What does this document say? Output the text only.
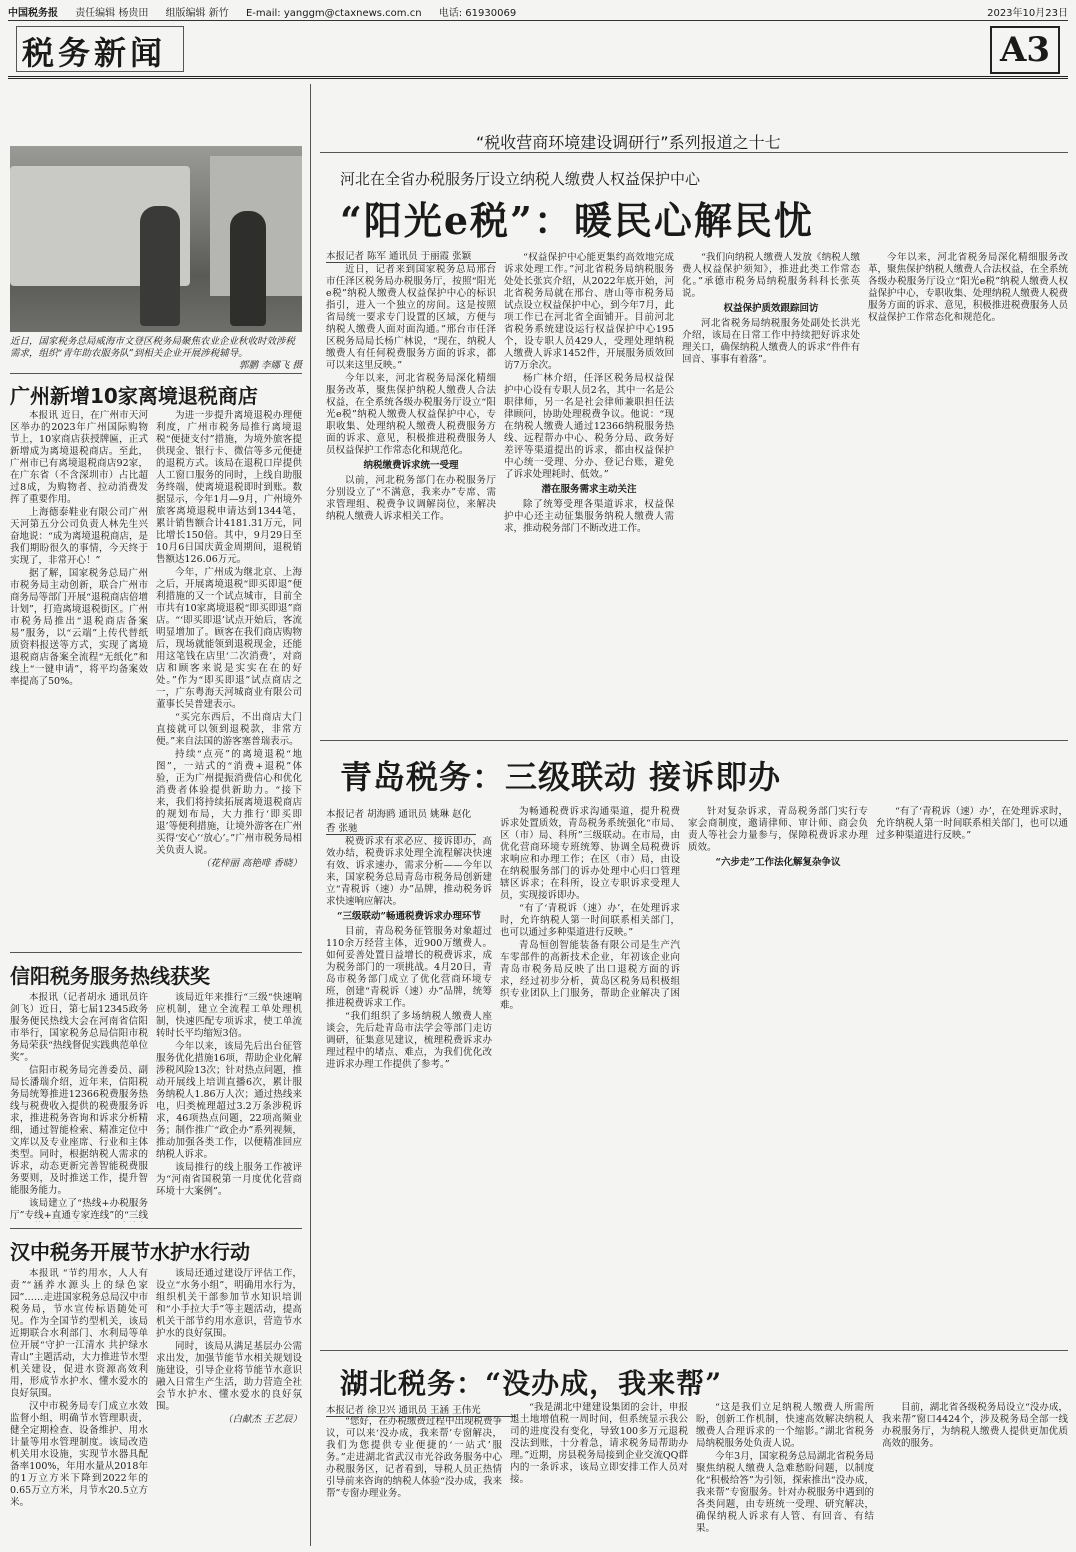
中国税务报 责任编辑 杨贵田 组版编辑 新竹 E-mail: yanggm@ctaxnews.com.cn 电话: 61930069	2023年10月23日
税务新闻	A3
近日，国家税务总局威海市文登区税务局聚焦农业企业秋收时效涉税需求，组织“青年助农服务队”到相关企业开展涉税辅导。
郭鹏 李娜飞 摄
广州新增10家离境退税商店

本报讯 近日，在广州市天河区举办的2023年广州国际购物节上，10家商店获授牌匾，正式新增成为离境退税商店。至此，广州市已有离境退税商店92家，在广东省（不含深圳市）占比超过8成，为购物者、拉动消费发挥了重要作用。

上海德泰鞋业有限公司广州天河第五分公司负责人林先生兴奋地说：“成为离境退税商店，是我们期盼很久的事情，今天终于实现了，非常开心！”

据了解，国家税务总局广州市税务局主动创新，联合广州市商务局等部门开展“退税商店倍增计划”，打造离境退税街区。广州市税务局推出“退税商店备案易”服务，以“云端”上传代替纸质资料报送等方式，实现了离境退税商店备案全流程“无纸化”和线上“一键申请”，将平均备案效率提高了50%。

为进一步提升离境退税办理便利度，广州市税务局推行离境退税“便捷支付”措施，为境外旅客提供现金、银行卡、微信等多元便捷的退税方式。该局在退税口岸提供人工窗口服务的同时，上线自助服务终端，使离境退税即时到账。数据显示，今年1月—9月，广州境外旅客离境退税申请达到1344笔，累计销售额合计4181.31万元，同比增长150倍。其中，9月29日至10月6日国庆黄金周期间，退税销售额达126.06万元。

今年，广州成为继北京、上海之后，开展离境退税“即买即退”便利措施的又一个试点城市，目前全市共有10家离境退税“即买即退”商店。“‘即买即退’试点开始后，客流明显增加了。顾客在我们商店购物后，现场就能领到退税现金，还能用这笔钱在店里‘二次消费’，对商店和顾客来说是实实在在的好处。”作为“即买即退”试点商店之一，广东粤海天河城商业有限公司董事长吴普建表示。

“买完东西后，不出商店大门直接就可以领到退税款，非常方便。”来自法国的游客塞普瑞表示。

持续“点亮”的离境退税“地图”，一站式的“消费+退税”体验，正为广州提振消费信心和优化消费者体验提供新助力。“接下来，我们将持续拓展离境退税商店的规划布局，大力推行‘即买即退’等便利措施，让境外游客在广州买得‘安心’‘放心’。”广州市税务局相关负责人说。

（花梓丽 高艳啡 香晓）

信阳税务服务热线获奖

本报讯（记者胡永 通讯员许剑飞）近日，第七届12345政务服务便民热线大会在河南省信阳市举行，国家税务总局信阳市税务局荣获“热线督促实践典范单位奖”。

信阳市税务局完善委员、副局长潘瑞介绍，近年来，信阳税务局统筹推进12366税费服务热线与税费收入提供的税费服务诉求，推进税务咨询和诉求分析精细，通过智能检索、精准定位中文库以及专业座席、行业和主体类型。同时，根据纳税人需求的诉求，动态更新完善智能税费服务要则，及时推送工作，提升智能服务能力。

该局建立了“热线+办税服务厅”专线+直通专家连线”的“三线

该局近年来推行“三级“快速响应机制，建立全流程工单处理机制，快速匹配专项诉求，使工单流转时长平均缩短3倍。

今年以来，该局先后出台征管服务优化措施16项，帮助企业化解涉税风险13次；针对热点问题，推动开展线上培训直播6次，累计服务纳税人1.86万人次；通过热线来电，归类梳理超过3.2万条涉税诉求，46项热点问题，22项高频业务；制作推广“政企办”系列视频，推动加强各类工作，以便精准回应纳税人诉求。

该局推行的线上服务工作被评为“河南省国税第一月度优化营商环境十大案例”。

汉中税务开展节水护水行动

本报讯 “节约用水，人人有责”“涵养水源头上的绿色家园”……走进国家税务总局汉中市税务局，节水宣传标语随处可见。作为全国节约型机关，该局近期联合水利部门、水利局等单位开展“守护一江清水 共护绿水青山”主题活动，大力推进节水型机关建设，促进水资源高效利用，形成节水护水、懂水爱水的良好氛围。

汉中市税务局专门成立水效监督小组，明确节水管理职责，健全定期检查、设备维护、用水计量等用水管理制度。该局改造机关用水设施，实现节水器具配备率100%，年用水量从2018年的1万立方米下降到2022年的0.65万立方米，月节水20.5立方米。

该局还通过建设厅评估工作，设立“水务小组”，明确用水行为，组织机关干部参加节水知识培训和“小手拉大手”等主题活动，提高机关干部节约用水意识，营造节水护水的良好氛围。

同时，该局从满足基层办公需求出发，加强节能节水相关规划设施建设，引导企业将节能节水意识融入日常生产生活，助力营造全社会节水护水、懂水爱水的良好氛围。

（白献杰 王艺辰）

“税收营商环境建设调研行”系列报道之十七
河北在全省办税服务厅设立纳税人缴费人权益保护中心
“阳光e税”：暖民心解民忧
本报记者 陈军 通讯员 于丽霞 张颖

近日，记者来到国家税务总局邢台市任泽区税务局办税服务厅，按照“阳光e税”纳税人缴费人权益保护中心的标识指引，进入一个独立的房间。这是按照省局统一要求专门设置的区域，方便与纳税人缴费人面对面沟通。”邢台市任泽区税务局局长杨广林说，“现在，纳税人缴费人有任何税费服务方面的诉求，都可以来这里反映。”

今年以来，河北省税务局深化精细服务改革，聚焦保护纳税人缴费人合法权益，在全系统各级办税服务厅设立“阳光e税”纳税人缴费人权益保护中心，专职收集、处理纳税人缴费人税费服务方面的诉求、意见，积极推进税费服务人员权益保护工作常态化和规范化。

纳税缴费诉求统一受理

以前，河北税务部门在办税服务厅分别设立了“不满意，我来办”专席、需求管理组、税费争议调解岗位，来解决纳税人缴费人诉求相关工作。

“权益保护中心能更集约高效地完成诉求处理工作。”河北省税务局纳税服务处处长张宾介绍，从2022年底开始，河北省税务局就在邢台、唐山等市税务局试点设立权益保护中心，到今年7月，此项工作已在河北省全面铺开。目前河北省税务系统建设运行权益保护中心195个，设专职人员429人，受理处理纳税人缴费人诉求1452件，开展服务质效回访7万余次。

杨广林介绍，任泽区税务局权益保护中心设有专职人员2名，其中一名是公职律师，另一名是社会律师兼职担任法律顾问，协助处理税费争议。他说：“现在纳税人缴费人通过12366纳税服务热线、远程帮办中心、税务分局、政务好差评等渠道提出的诉求，都由权益保护中心统一受理、分办、登记台账，避免了诉求处理耗时、低效。”

潜在服务需求主动关注

除了统筹受理各渠道诉求，权益保护中心还主动征集服务纳税人缴费人需求，推动税务部门不断改进工作。

“我们向纳税人缴费人发放《纳税人缴费人权益保护须知》，推进此类工作常态化。”承德市税务局纳税服务科科长张英说。

权益保护质效跟踪回访

河北省税务局纳税服务处副处长洪光介绍，该局在日常工作中持续把好诉求处理关口，确保纳税人缴费人的诉求“件件有回音、事事有着落”。

今年以来，河北省税务局深化精细服务改革，聚焦保护纳税人缴费人合法权益，在全系统各级办税服务厅设立“阳光e税”纳税人缴费人权益保护中心，专职收集、处理纳税人缴费人税费服务方面的诉求、意见，积极推进税费服务人员权益保护工作常态化和规范化。

青岛税务：三级联动 接诉即办
本报记者 胡海鸥 通讯员 姚琳 赵化香 张驰

税费诉求有求必应、接诉即办，高效办结，税费诉求处理全流程解决快速有效、诉求速办，需求分析——今年以来，国家税务总局青岛市税务局创新建立“青税诉（速）办”品牌，推动税务诉求快速响应解决。

“三级联动”畅通税费诉求办理环节

目前，青岛税务征管服务对象超过110余万经营主体，近900万缴费人。如何妥善处置日益增长的税费诉求，成为税务部门的一项挑战。4月20日，青岛市税务部门成立了优化营商环境专班，创建“青税诉（速）办”品牌，统筹推进税费诉求工作。

“我们组织了多场纳税人缴费人座谈会，先后赴青岛市法学会等部门走访调研，征集意见建议，梳理税费诉求办理过程中的堵点、难点，为我们优化改进诉求办理工作提供了参考。”

为畅通税费诉求沟通渠道，提升税费诉求处置质效，青岛税务系统强化“市局、区（市）局、科所”三级联动。在市局，由优化营商环境专班统筹、协调全局税费诉求响应和办理工作；在区（市）局，由设在纳税服务部门的诉办处理中心归口管理辖区诉求；在科所，设立专职诉求受理人员，实现接诉即办。

“有了‘青税诉（速）办’，在处理诉求时，允许纳税人第一时间联系相关部门，也可以通过多种渠道进行反映。”

青岛恒创智能装备有限公司是生产汽车零部件的高新技术企业，年初该企业向青岛市税务局反映了出口退税方面的诉求，经过初步分析，黄岛区税务局积极组织专业团队上门服务，帮助企业解决了困难。

针对复杂诉求，青岛税务部门实行专家会商制度，邀请律师、审计师、商会负责人等社会力量参与，保障税费诉求办理质效。

“六步走”工作法化解复杂争议

“有了‘青税诉（速）办’，在处理诉求时，允许纳税人第一时间联系相关部门，也可以通过多种渠道进行反映。”

湖北税务：“没办成，我来帮”
本报记者 徐卫兴 通讯员 王涵 王伟光

“您好，在办税缴费过程中出现税费争议，可以来‘没办成，我来帮’专窗解决，我们为您提供专业便捷的‘一站式’服务。”走进湖北省武汉市光谷政务服务中心办税服务区，记者看到，导税人员正热情引导前来咨询的纳税人体验“没办成，我来帮”专窗办理业务。

“我是湖北中建建设集团的会计，申报退土地增值税一周时间，但系统显示我公司的进度没有变化，导致100多万元退税没法到账，十分着急，请求税务局帮助办理。”近期，房县税务局接到企业交流QQ群内的一条诉求，该局立即安排工作人员对接。

“这是我们立足纳税人缴费人所需所盼，创新工作机制，快速高效解决纳税人缴费人合理诉求的一个缩影。”湖北省税务局纳税服务处负责人说。

今年3月，国家税务总局湖北省税务局聚焦纳税人缴费人急难愁盼问题，以制度化“积极给答”为引领，探索推出“没办成，我来帮”专窗服务。针对办税服务中遇到的各类问题，由专班统一受理、研究解决，确保纳税人诉求有人管、有回音、有结果。

目前，湖北省各级税务局设立“没办成，我来帮”窗口4424个，涉及税务局全部一线办税服务厅，为纳税人缴费人提供更加优质高效的服务。
